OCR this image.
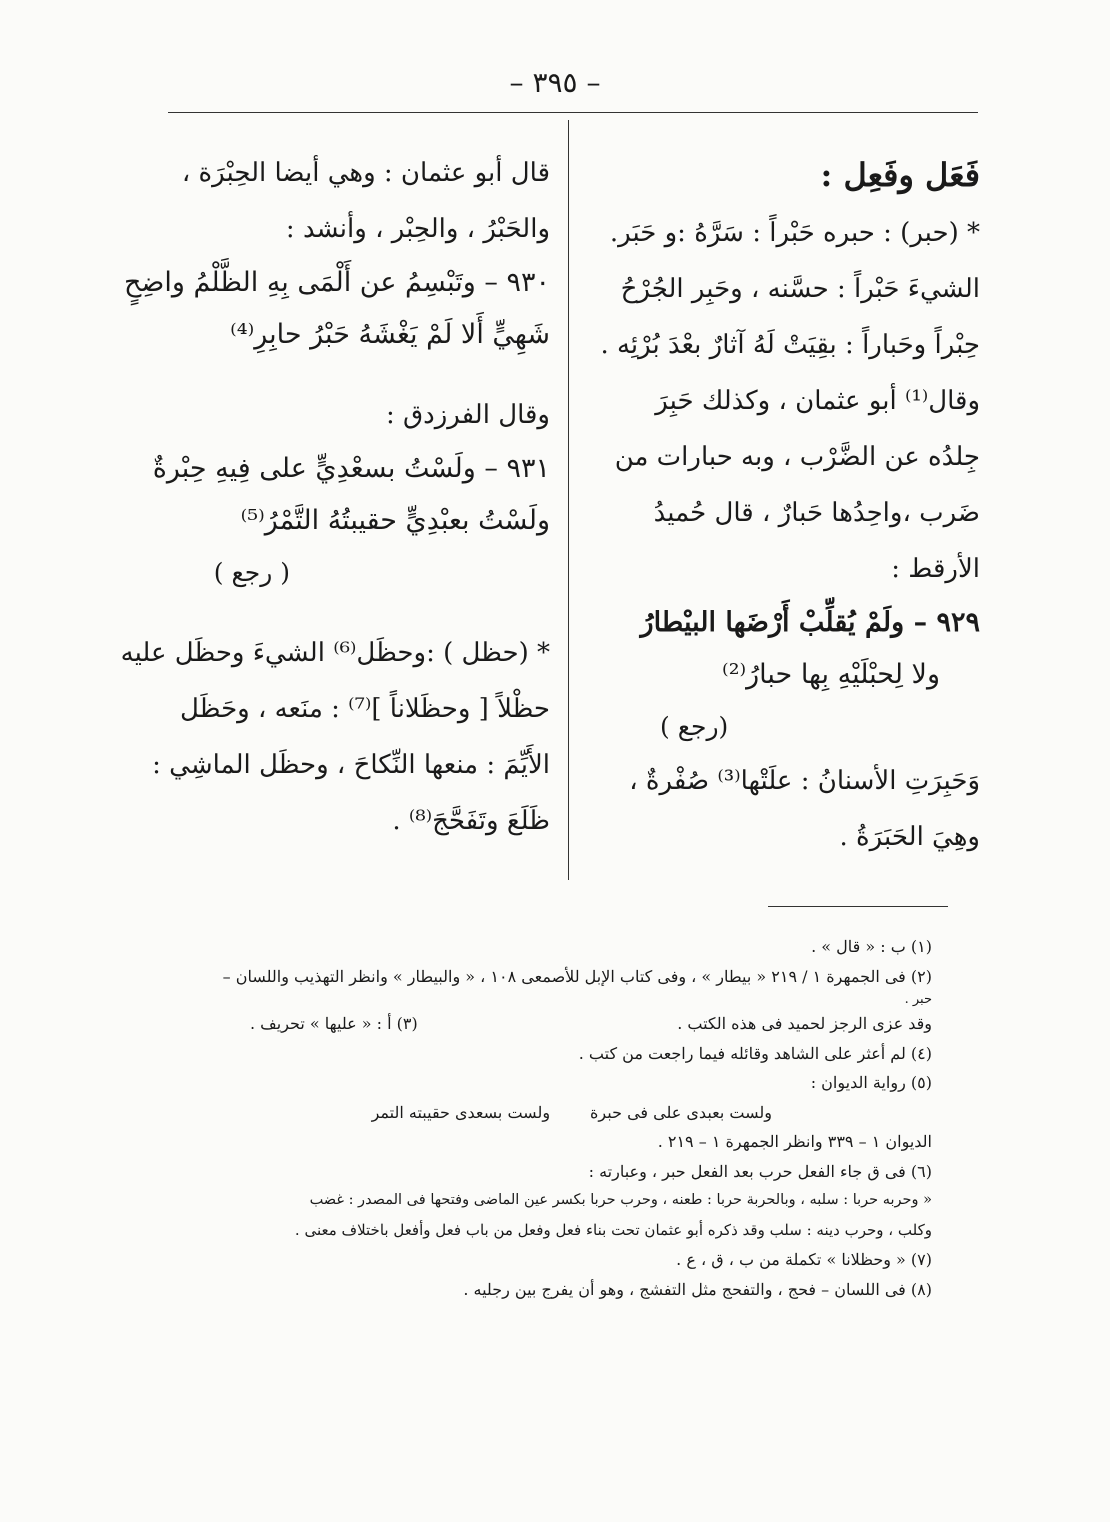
– ٣٩٥ –
فَعَل وفَعِل :
* (حبر) : حبره حَبْراً : سَرَّهُ :و حَبَر.
الشيءَ حَبْراً : حسَّنه ، وحَبِر الجُرْحُ
حِبْراً وحَباراً : بقِيَتْ لَهُ آثارٌ بعْدَ بُرْئِه .
وقال⁽¹⁾ أبو عثمان ، وكذلك حَبِرَ
جِلدُه عن الضَّرْب ، وبه حبارات من
ضَرب ،واحِدُها حَبارٌ ، قال حُميدُ
الأرقط :
٩٢٩ – ولَمْ يُقلِّبْ أَرْضَها البيْطارُ
ولا لِحبْلَيْهِ بِها حبارُ⁽²⁾
(رجع )
وَحَبِرَتِ الأسنانُ : علَتْها⁽³⁾ صُفْرةٌ ،
وهِيَ الحَبَرَةُ .
قال أبو عثمان : وهي أيضا الحِبْرَة ،
والحَبْرُ ، والحِبْر ، وأنشد :
٩٣٠ – وتَبْسِمُ عن أَلْمَى بِهِ الظَّلْمُ واضِحٍ
شَهِيٍّ أَلا لَمْ يَغْشَهُ حَبْرُ حابِرِ⁽⁴⁾
وقال الفرزدق :
٩٣١ – ولَسْتُ بسعْدِيٍّ على فِيهِ حِبْرةٌ
ولَسْتُ بعبْدِيٍّ حقيبتُهُ التَّمْرُ⁽⁵⁾
( رجع )
* (حظل ) :وحظَل⁽⁶⁾ الشيءَ وحظَل عليه
حظْلاً [ وحظَلاناً ]⁽⁷⁾ : منَعه ، وحَظَل
الأَيِّمَ : منعها النِّكاحَ ، وحظَل الماشِي :
ظَلَعَ وتَفَحَّجَ⁽⁸⁾ .
(١) ب : « قال » .
(٢) فى الجمهرة ١ / ٢١٩ « بيطار » ، وفى كتاب الإبل للأصمعى ١٠٨ ، « والبيطار » وانظر التهذيب واللسان –
حبر .
وقد عزى الرجز لحميد فى هذه الكتب .
(٣) أ : « عليها » تحريف .
(٤) لم أعثر على الشاهد وقائله فيما راجعت من كتب .
(٥) رواية الديوان :
ولست بعبدى على فى حبرة
ولست بسعدى حقيبته التمر
الديوان ١ – ٣٣٩ وانظر الجمهرة ١ – ٢١٩ .
(٦) فى ق جاء الفعل حرب بعد الفعل حبر ، وعبارته :
« وحربه حربا : سلبه ، وبالحربة حربا : طعنه ، وحرب حربا بكسر عين الماضى وفتحها فى المصدر : غضب
وكلب ، وحرب دينه : سلب وقد ذكره أبو عثمان تحت بناء فعل وفعل من باب فعل وأفعل باختلاف معنى .
(٧) « وحظلانا » تكملة من ب ، ق ، ع .
(٨) فى اللسان – فحج ، والتفحج مثل التفشج ، وهو أن يفرج بين رجليه .
